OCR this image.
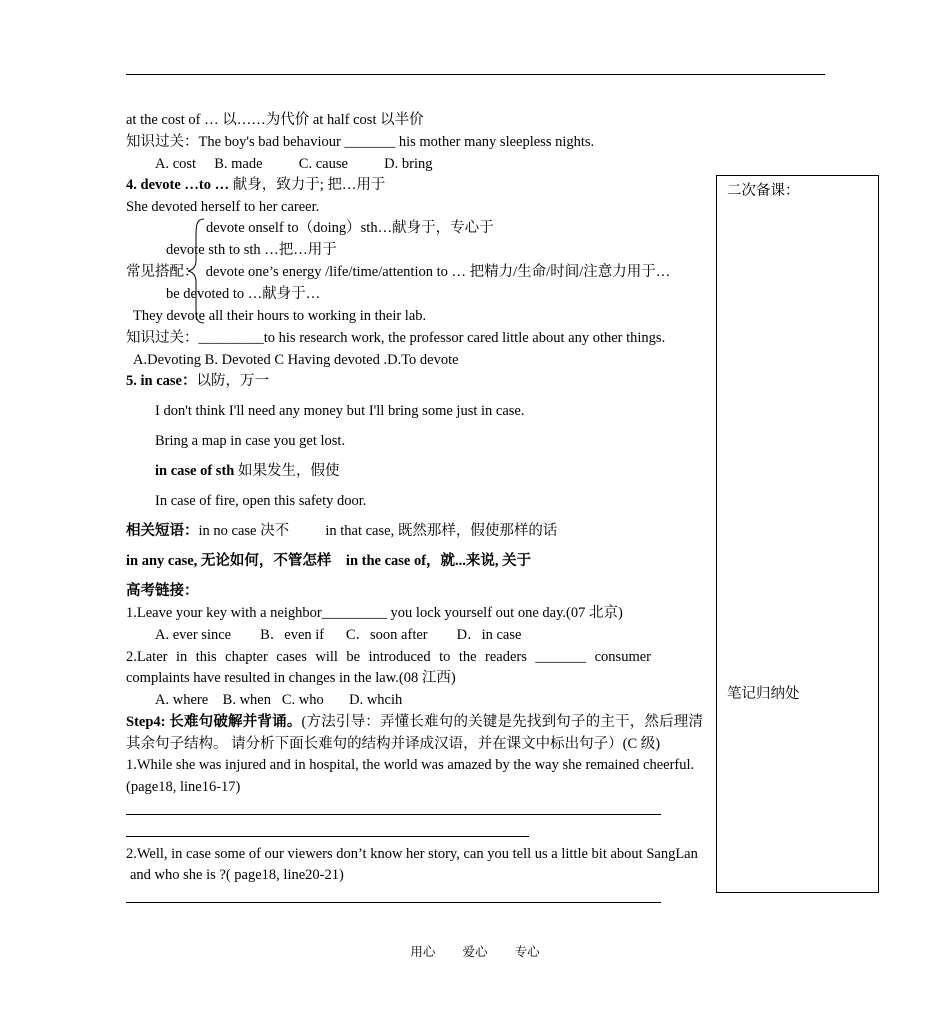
at the cost of … 以……为代价 at half cost 以半价
知识过关：The boy's bad behaviour _______ his mother many sleepless nights.
A. cost     B. made          C. cause          D. bring
4. devote …to … 献身，致力于; 把…用于
She devoted herself to her career.
devote onself to（doing）sth…献身于，专心于
devote sth to sth …把…用于
常见搭配：  devote one’s energy /life/time/attention to … 把精力/生命/时间/注意力用于…
be devoted to …献身于…
They devote all their hours to working in their lab.
知识过关：_________to his research work, the professor cared little about any other things.
A.Devoting B. Devoted C Having devoted .D.To devote
5. in case：以防，万一
I don't think I'll need any money but I'll bring some just in case.
Bring a map in case you get lost.
in case of sth 如果发生，假使
In case of fire, open this safety door.
相关短语：in no case 决不          in that case, 既然那样，假使那样的话
in any case, 无论如何，不管怎样    in the case of，就...来说, 关于
高考链接：
1.Leave your key with a neighbor_________ you lock yourself out one day.(07 北京)
A. ever since        B．even if      C．soon after        D．in case
2.Later in this chapter cases will be introduced to the readers _______ consumer
complaints have resulted in changes in the law.(08 江西)
A. where    B. when   C. who       D. whcih
Step4: 长难句破解并背诵。(方法引导：弄懂长难句的关键是先找到句子的主干，然后理清
其余句子结构。 请分析下面长难句的结构并译成汉语，并在课文中标出句子）(C 级)
1.While she was injured and in hospital, the world was amazed by the way she remained cheerful.
(page18, line16-17)
2.Well, in case some of our viewers don’t know her story, can you tell us a little bit about SangLan
and who she is ?( page18, line20-21)
二次备课：
笔记归纳处
用心 爱心 专心
